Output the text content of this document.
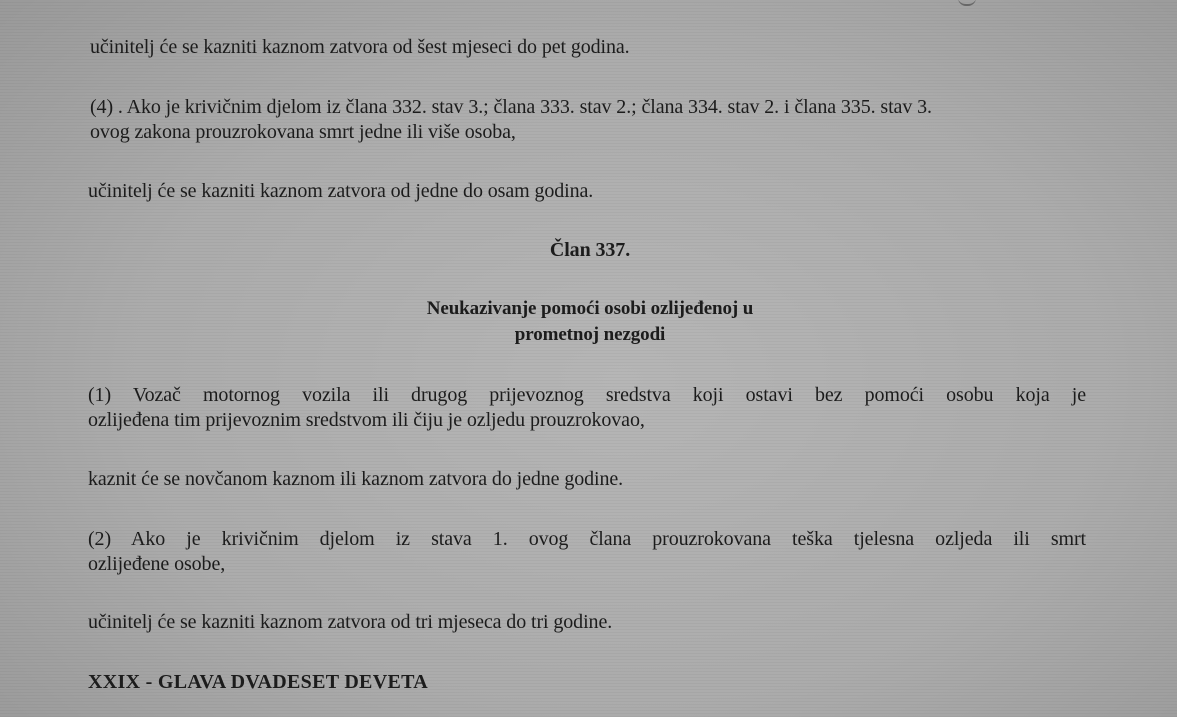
učinitelj će se kazniti kaznom zatvora od šest mjeseci do pet godina.
(4) . Ako je krivičnim djelom iz člana 332. stav 3.; člana 333. stav 2.; člana 334. stav 2. i člana 335. stav 3.
ovog zakona prouzrokovana smrt jedne ili više osoba,
učinitelj će se kazniti kaznom zatvora od jedne do osam godina.
Član 337.
Neukazivanje pomoći osobi ozlijeđenoj u
prometnoj nezgodi
(1) Vozač motornog vozila ili drugog prijevoznog sredstva koji ostavi bez pomoći osobu koja je
ozlijeđena tim prijevoznim sredstvom ili čiju je ozljedu prouzrokovao,
kaznit će se novčanom kaznom ili kaznom zatvora do jedne godine.
(2) Ako je krivičnim djelom iz stava 1. ovog člana prouzrokovana teška tjelesna ozljeda ili smrt
ozlijeđene osobe,
učinitelj će se kazniti kaznom zatvora od tri mjeseca do tri godine.
XXIX - GLAVA DVADESET DEVETA
